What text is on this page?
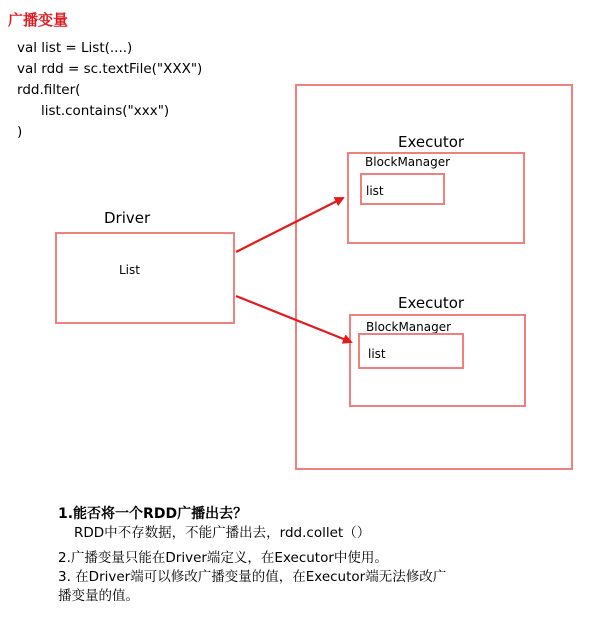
广播变量
val list = List(....)
val rdd = sc.textFile("XXX")
rdd.filter(
list.contains("xxx")
)
Driver
List
Executor
BlockManager
list
Executor
BlockManager
list
1.能否将一个RDD广播出去？
RDD中不存数据，不能广播出去，rdd.collet（）
2.广播变量只能在Driver端定义，在Executor中使用。
3. 在Driver端可以修改广播变量的值，在Executor端无法修改广
播变量的值。
